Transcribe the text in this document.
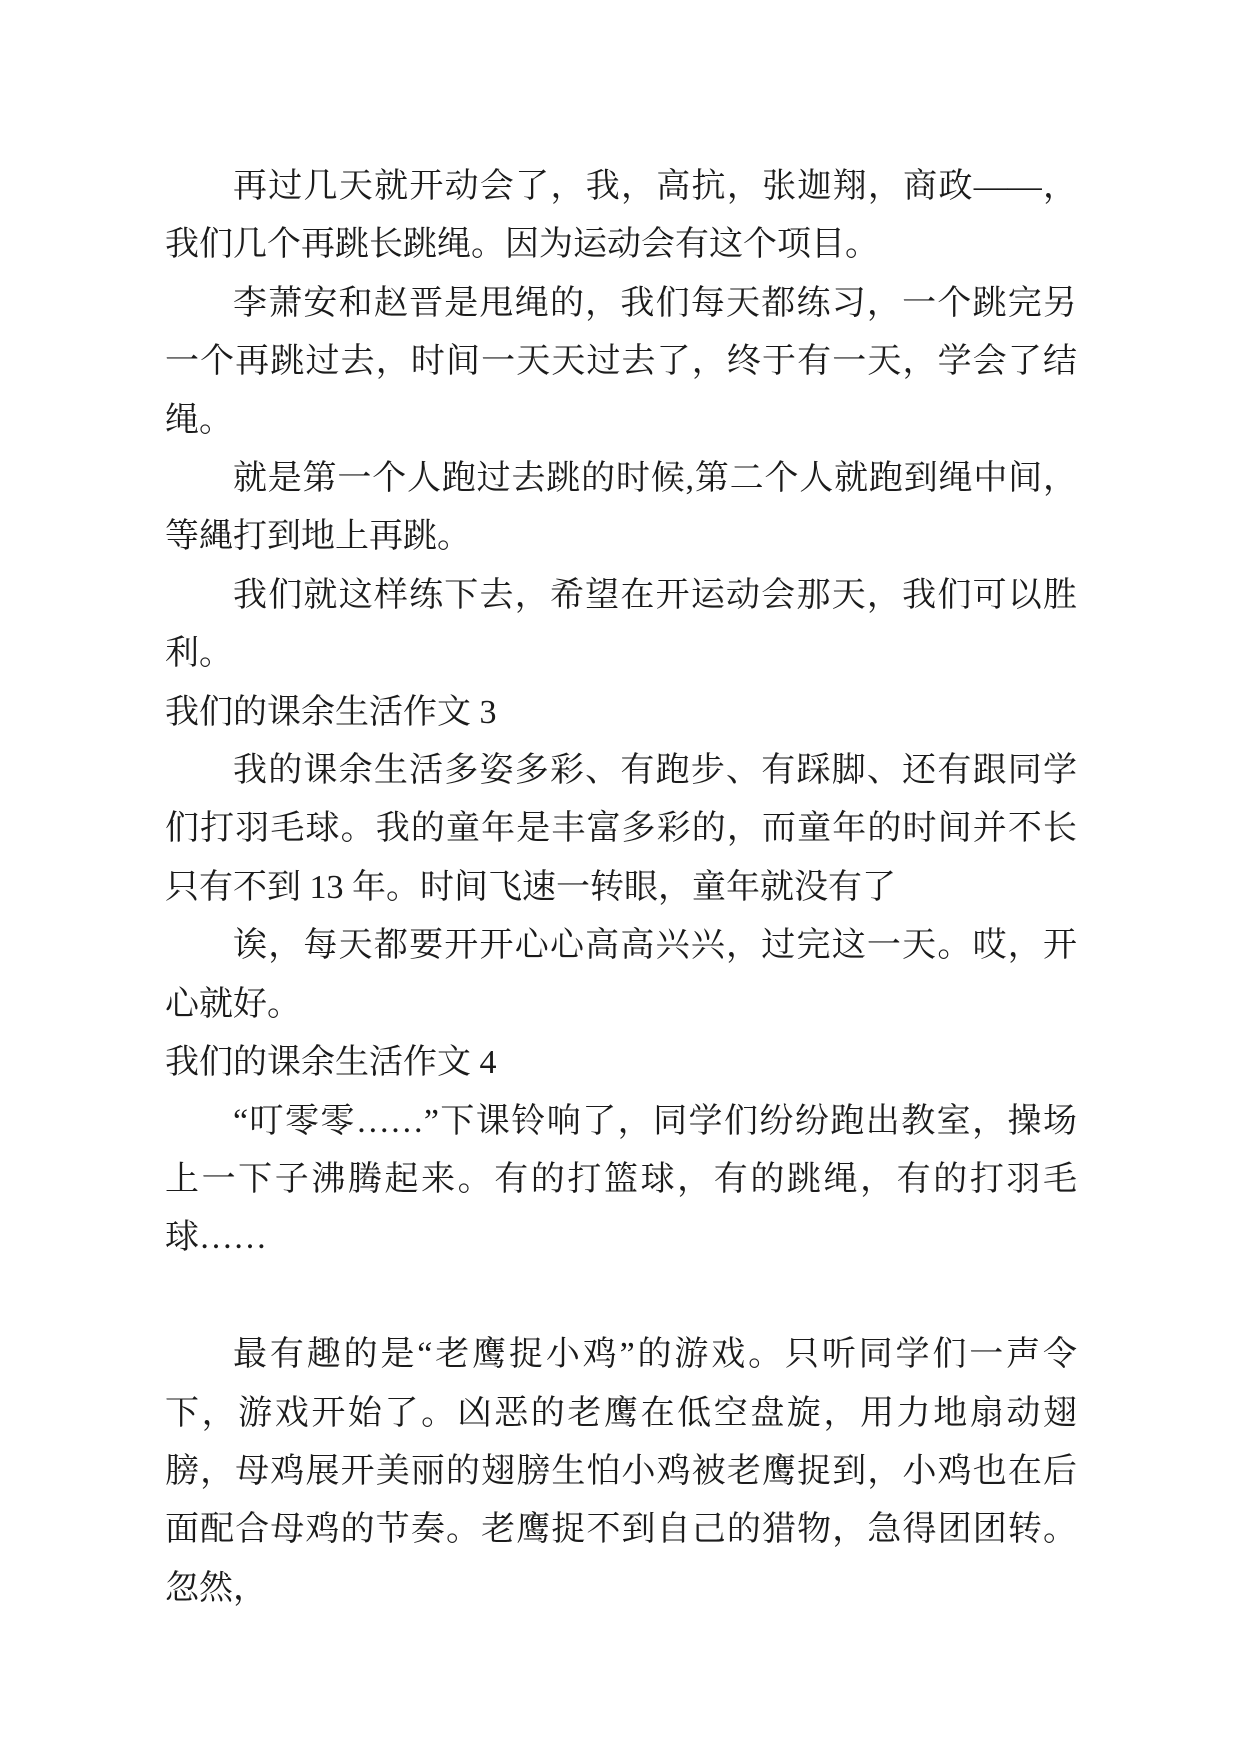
再过几天就开动会了，我，高抗，张迦翔，商政——，我们几个再跳长跳绳。因为运动会有这个项目。

李萧安和赵晋是甩绳的，我们每天都练习，一个跳完另一个再跳过去，时间一天天过去了，终于有一天，学会了结绳。

就是第一个人跑过去跳的时候,第二个人就跑到绳中间，等縄打到地上再跳。

我们就这样练下去，希望在开运动会那天，我们可以胜利。

我们的课余生活作文 3

我的课余生活多姿多彩、有跑步、有踩脚、还有跟同学们打羽毛球。我的童年是丰富多彩的，而童年的时间并不长只有不到 13 年。时间飞速一转眼，童年就没有了

诶，每天都要开开心心高高兴兴，过完这一天。哎，开心就好。

我们的课余生活作文 4

“叮零零……”下课铃响了，同学们纷纷跑出教室，操场上一下子沸腾起来。有的打篮球，有的跳绳，有的打羽毛球……

最有趣的是“老鹰捉小鸡”的游戏。只听同学们一声令下，游戏开始了。凶恶的老鹰在低空盘旋，用力地扇动翅膀，母鸡展开美丽的翅膀生怕小鸡被老鹰捉到，小鸡也在后面配合母鸡的节奏。老鹰捉不到自己的猎物，急得团团转。忽然，
